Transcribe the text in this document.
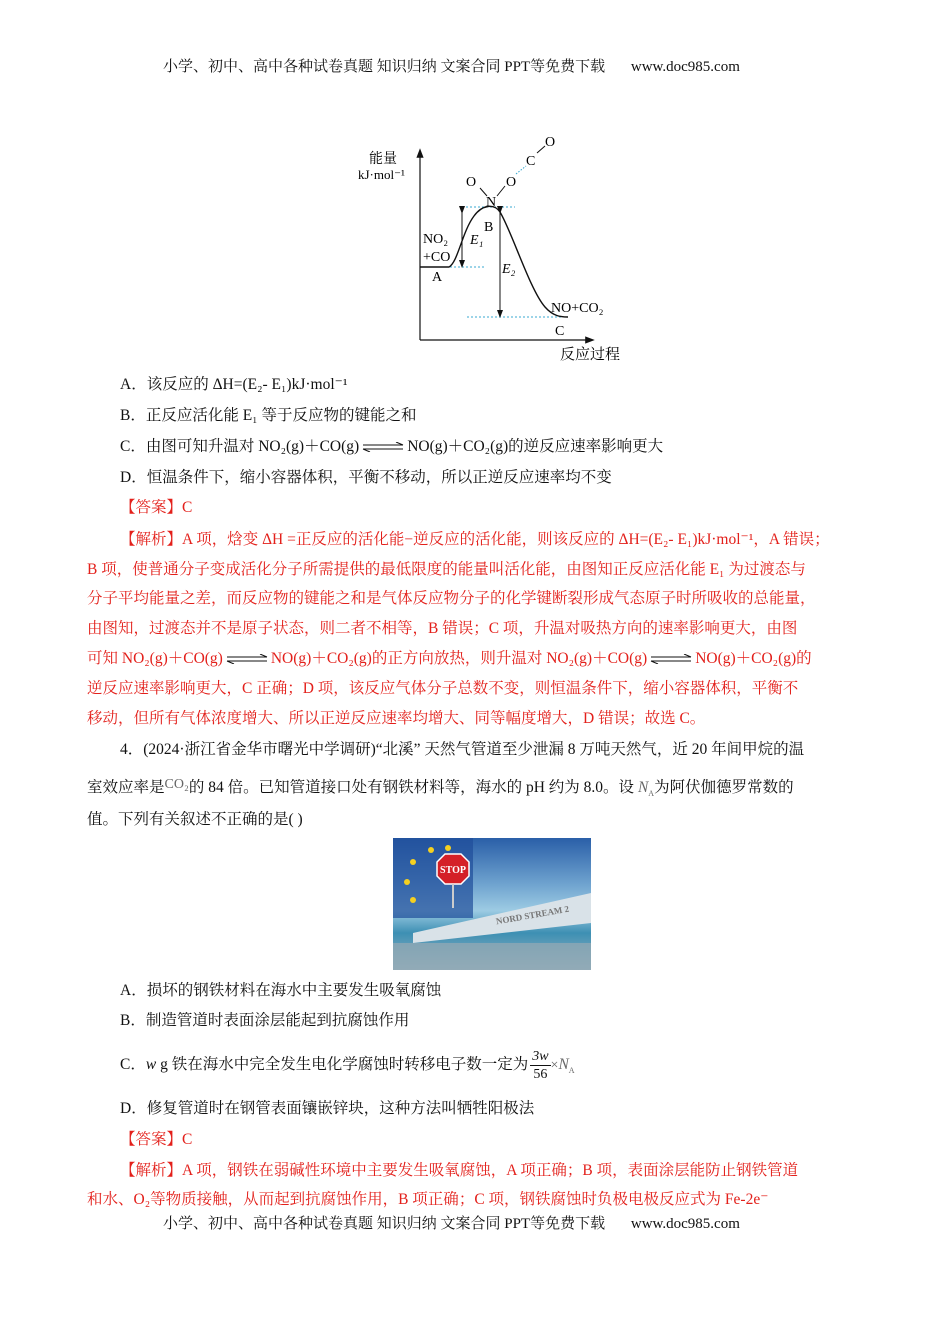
小学、初中、高中各种试卷真题 知识归纳 文案合同 PPT等免费下载 www.doc985.com
能量
kJ·mol⁻¹
反应过程
NO₂
+CO
A
B
C
NO+CO₂
E₁
E₂
O
N
O
C
O
A．该反应的 ΔH=(E₂- E₁)kJ·mol⁻¹
B．正反应活化能 E₁ 等于反应物的键能之和
C．由图可知升温对 NO₂(g)＋CO(g)	NO(g)＋CO₂(g)的逆反应速率影响更大
D．恒温条件下，缩小容器体积，平衡不移动，所以正逆反应速率均不变
【答案】C
【解析】A 项，焓变 ΔH =正反应的活化能−逆反应的活化能，则该反应的 ΔH=(E₂- E₁)kJ·mol⁻¹，A 错误；
B 项，使普通分子变成活化分子所需提供的最低限度的能量叫活化能，由图知正反应活化能 E₁ 为过渡态与
分子平均能量之差，而反应物的键能之和是气体反应物分子的化学键断裂形成气态原子时所吸收的总能量，
由图知，过渡态并不是原子状态，则二者不相等，B 错误；C 项，升温对吸热方向的速率影响更大，由图
可知 NO₂(g)＋CO(g)	NO(g)＋CO₂(g)的正方向放热，则升温对 NO₂(g)＋CO(g)	NO(g)＋CO₂(g)的
逆反应速率影响更大，C 正确；D 项，该反应气体分子总数不变，则恒温条件下，缩小容器体积，平衡不
移动，但所有气体浓度增大、所以正逆反应速率均增大、同等幅度增大，D 错误；故选 C。
4．(2024·浙江省金华市曙光中学调研)“北溪” 天然气管道至少泄漏 8 万吨天然气，近 20 年间甲烷的温
室效应率是CO₂的 84 倍。已知管道接口处有钢铁材料等，海水的 pH 约为 8.0。设 $N_A$为阿伏伽德罗常数的
值。下列有关叙述不正确的是( )
STOP
NORD STREAM 2
A．损坏的钢铁材料在海水中主要发生吸氧腐蚀
B．制造管道时表面涂层能起到抗腐蚀作用
C．w g 铁在海水中完全发生电化学腐蚀时转移电子数一定为 $\frac{3w}{56} \times N_A$
D．修复管道时在钢管表面镶嵌锌块，这种方法叫牺牲阳极法
【答案】C
【解析】A 项，钢铁在弱碱性环境中主要发生吸氧腐蚀，A 项正确；B 项，表面涂层能防止钢铁管道
和水、O₂等物质接触，从而起到抗腐蚀作用，B 项正确；C 项，钢铁腐蚀时负极电极反应式为 Fe-2e⁻
小学、初中、高中各种试卷真题 知识归纳 文案合同 PPT等免费下载 www.doc985.com
